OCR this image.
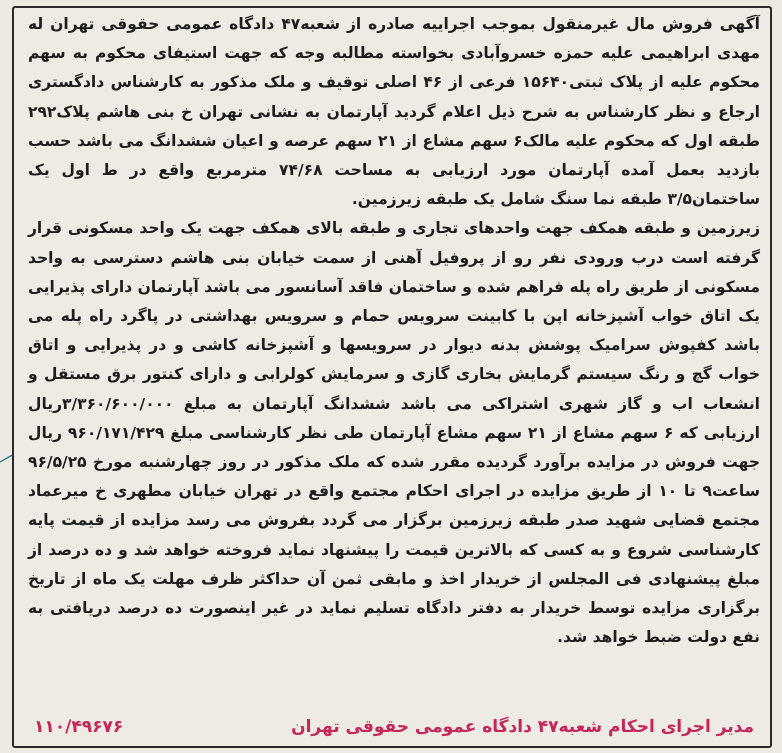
آگهی فروش مال غیرمنقول بموجب اجراییه صادره از شعبه۴۷ دادگاه عمومی حقوقی تهران له مهدی ابراهیمی علیه حمزه خسروآبادی بخواسته مطالبه وجه که جهت استیفای محکوم به سهم محکوم علیه از پلاک ثبتی۱۵۶۴۰ فرعی از ۴۶ اصلی توقیف و ملک مذکور به کارشناس دادگستری ارجاع و نظر کارشناس به شرح ذیل اعلام گردید آپارتمان به نشانی تهران خ بنی هاشم پلاک۲۹۲ طبقه اول که محکوم علیه مالک۶ سهم مشاع از ۲۱ سهم عرصه و اعیان ششدانگ می باشد حسب بازدید بعمل آمده آپارتمان مورد ارزیابی به مساحت ۷۴/۶۸ مترمربع واقع در ط اول یک ساختمان۳/۵ طبقه نما سنگ شامل یک طبقه زیرزمین.

زیرزمین و طبقه همکف جهت واحدهای تجاری و طبقه بالای همکف جهت یک واحد مسکونی قرار گرفته است درب ورودی نفر رو از پروفیل آهنی از سمت خیابان بنی هاشم دسترسی به واحد مسکونی از طریق راه پله فراهم شده و ساختمان فاقد آسانسور می باشد آپارتمان دارای پذیرایی یک اتاق خواب آشپزخانه اپن با کابینت سرویس حمام و سرویس بهداشتی در پاگرد راه پله می باشد کفپوش سرامیک پوشش بدنه دیوار در سرویسها و آشپزخانه کاشی و در پذیرایی و اتاق خواب گچ و رنگ سیستم گرمایش بخاری گازی و سرمایش کولرابی و دارای کنتور برق مستقل و انشعاب اب و گاز شهری اشتراکی می باشد ششدانگ آپارتمان به مبلغ ۳/۳۶۰/۶۰۰/۰۰۰ریال ارزیابی که ۶ سهم مشاع از ۲۱ سهم مشاع آپارتمان طی نظر کارشناسی مبلغ ۹۶۰/۱۷۱/۴۲۹ ریال جهت فروش در مزایده برآورد گردیده مقرر شده که ملک مذکور در روز چهارشنبه مورخ ۹۶/۵/۲۵ ساعت۹ تا ۱۰ از طریق مزایده در اجرای احکام مجتمع واقع در تهران خیابان مطهری خ میرعماد مجتمع قضایی شهید صدر طبقه زیرزمین برگزار می گردد بفروش می رسد مزایده از قیمت پایه کارشناسی شروع و به کسی که بالاترین قیمت را پیشنهاد نماید فروخته خواهد شد و ده درصد از مبلغ پیشنهادی فی المجلس از خریدار اخذ و مابقی ثمن آن حداکثر ظرف مهلت یک ماه از تاریخ برگزاری مزایده توسط خریدار به دفتر دادگاه تسلیم نماید در غیر اینصورت ده درصد دریافتی به نفع دولت ضبط خواهد شد.

مدیر اجرای احکام شعبه۴۷ دادگاه عمومی حقوقی تهران
۱۱۰/۴۹۶۷۶
